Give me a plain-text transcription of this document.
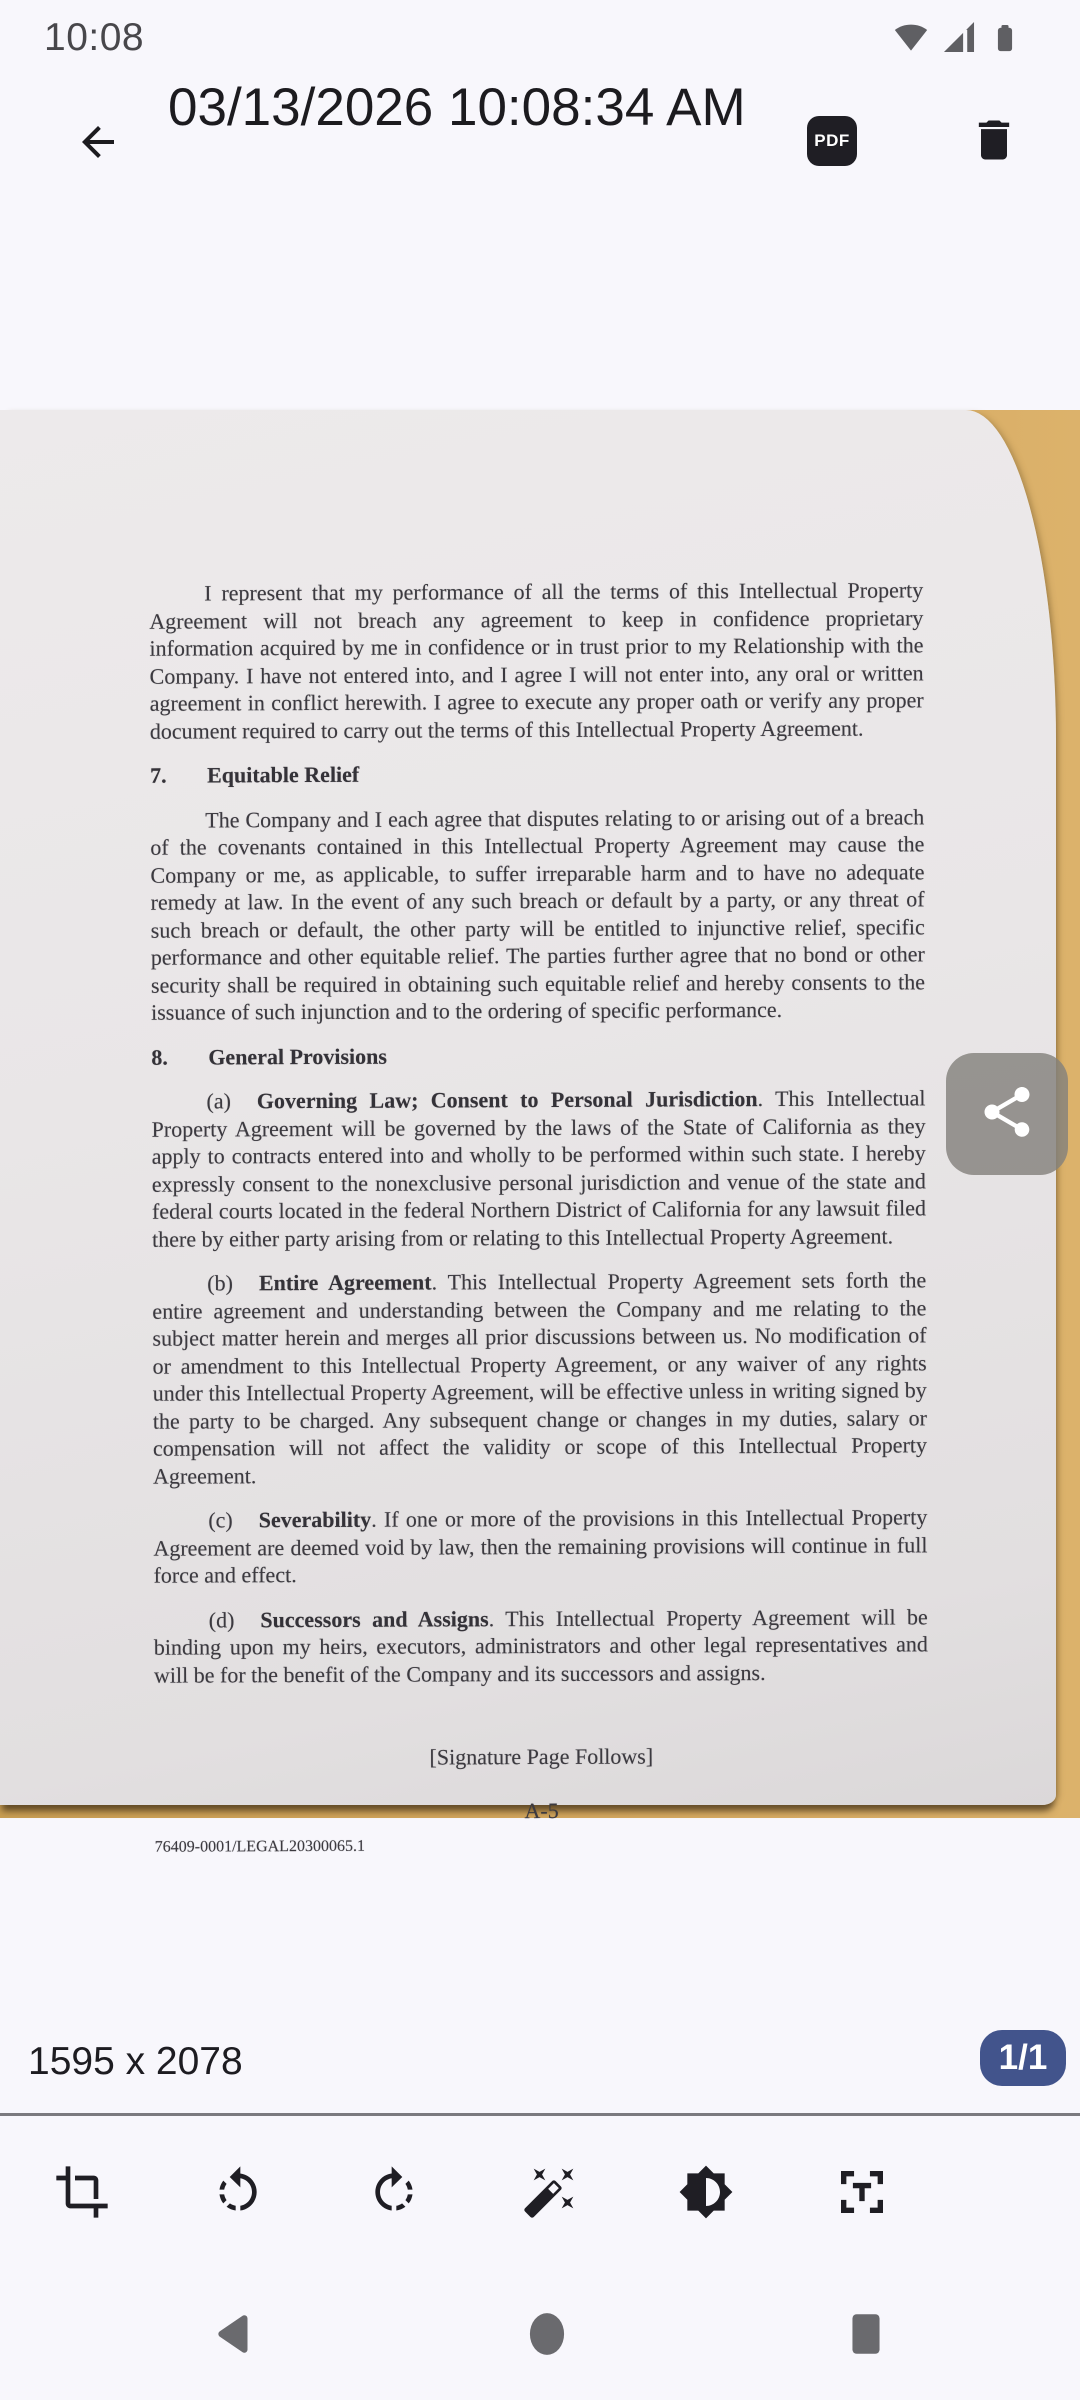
10:08
03/13/2026 10:08:34 AM
PDF

I represent that my performance of all the terms of this Intellectual Property Agreement will not breach any agreement to keep in confidence proprietary information acquired by me in confidence or in trust prior to my Relationship with the Company. I have not entered into, and I agree I will not enter into, any oral or written agreement in conflict herewith. I agree to execute any proper oath or verify any proper document required to carry out the terms of this Intellectual Property Agreement.

7. Equitable Relief

The Company and I each agree that disputes relating to or arising out of a breach of the covenants contained in this Intellectual Property Agreement may cause the Company or me, as applicable, to suffer irreparable harm and to have no adequate remedy at law. In the event of any such breach or default by a party, or any threat of such breach or default, the other party will be entitled to injunctive relief, specific performance and other equitable relief. The parties further agree that no bond or other security shall be required in obtaining such equitable relief and hereby consents to the issuance of such injunction and to the ordering of specific performance.

8. General Provisions

(a) Governing Law; Consent to Personal Jurisdiction. This Intellectual Property Agreement will be governed by the laws of the State of California as they apply to contracts entered into and wholly to be performed within such state. I hereby expressly consent to the nonexclusive personal jurisdiction and venue of the state and federal courts located in the federal Northern District of California for any lawsuit filed there by either party arising from or relating to this Intellectual Property Agreement.

(b) Entire Agreement. This Intellectual Property Agreement sets forth the entire agreement and understanding between the Company and me relating to the subject matter herein and merges all prior discussions between us. No modification of or amendment to this Intellectual Property Agreement, or any waiver of any rights under this Intellectual Property Agreement, will be effective unless in writing signed by the party to be charged. Any subsequent change or changes in my duties, salary or compensation will not affect the validity or scope of this Intellectual Property Agreement.

(c) Severability. If one or more of the provisions in this Intellectual Property Agreement are deemed void by law, then the remaining provisions will continue in full force and effect.

(d) Successors and Assigns. This Intellectual Property Agreement will be binding upon my heirs, executors, administrators and other legal representatives and will be for the benefit of the Company and its successors and assigns.

[Signature Page Follows]

A-5

76409-0001/LEGAL20300065.1
1595 x 2078	1/1
